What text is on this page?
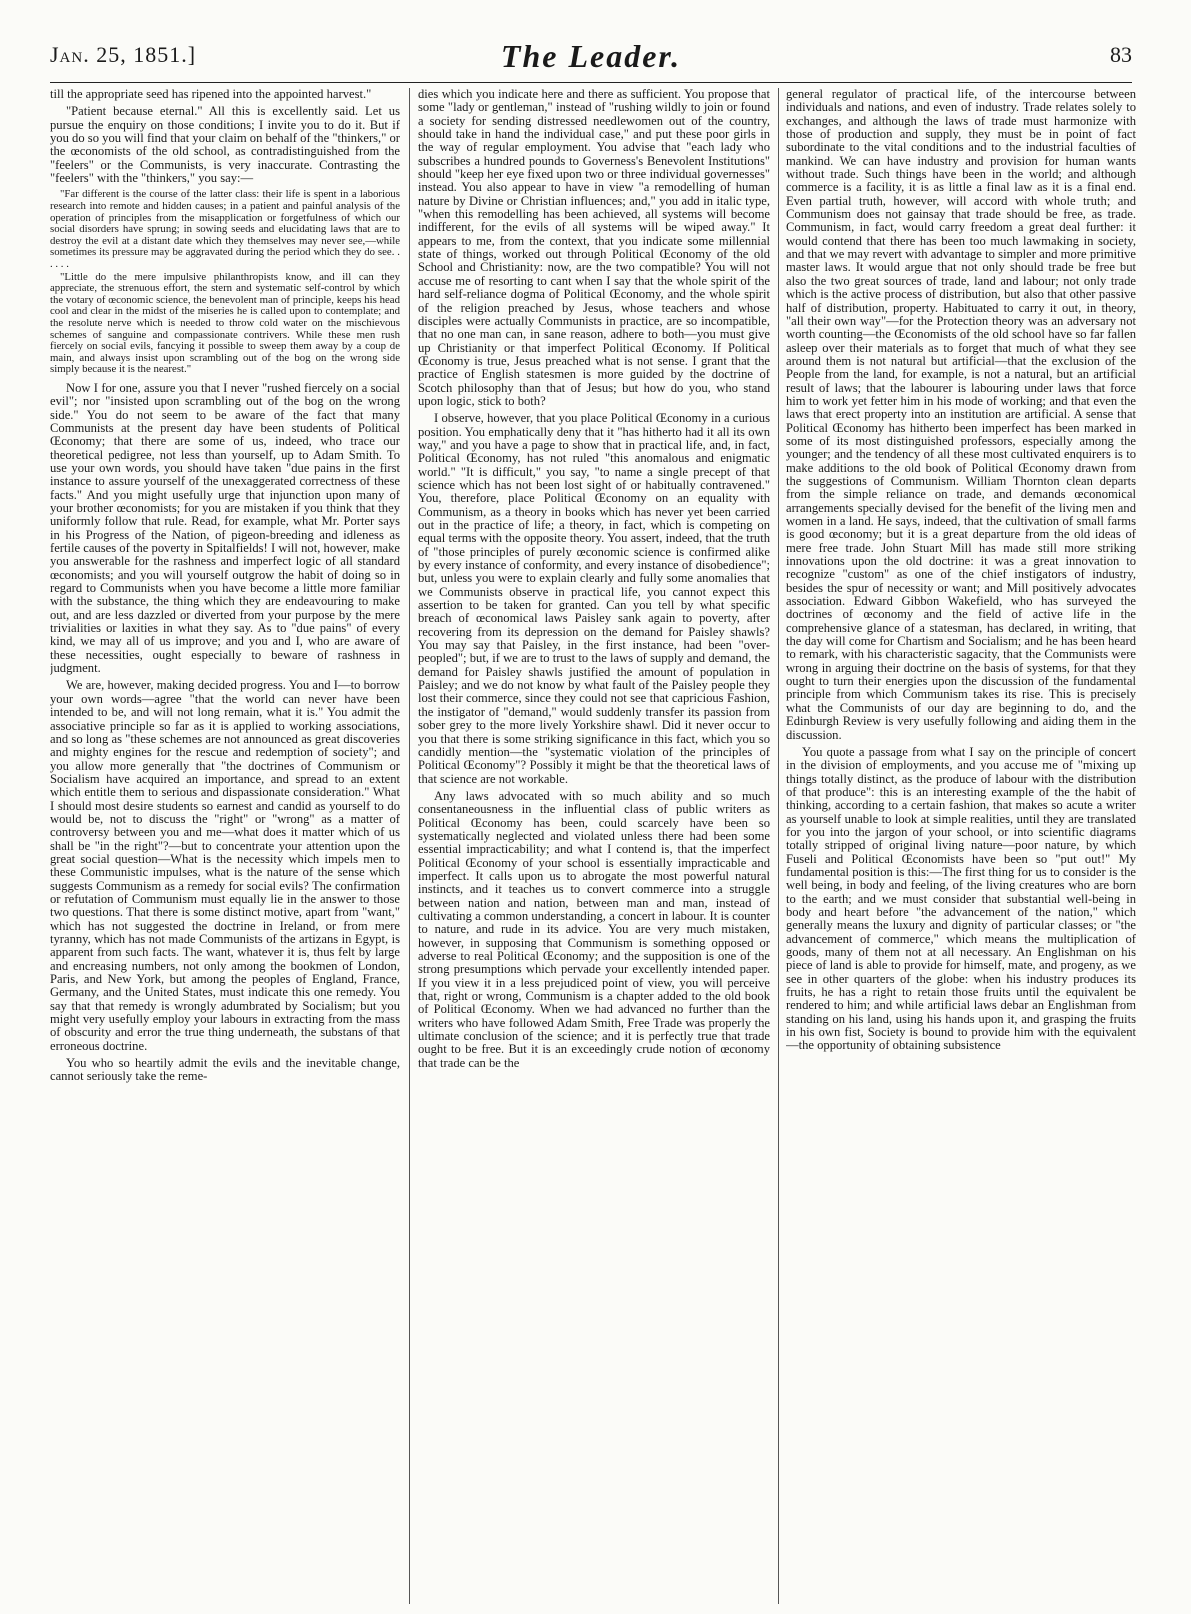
Jan. 25, 1851.]	The Leader.	83

till the appropriate seed has ripened into the appointed harvest."

"Patient because eternal." All this is excellently said. Let us pursue the enquiry on those conditions; I invite you to do it. But if you do so you will find that your claim on behalf of the "thinkers," or the œconomists of the old school, as contradistinguished from the "feelers" or the Communists, is very inaccurate. Contrasting the "feelers" with the "thinkers," you say:—

"Far different is the course of the latter class: their life is spent in a laborious research into remote and hidden causes; in a patient and painful analysis of the operation of principles from the misapplication or forgetfulness of which our social disorders have sprung; in sowing seeds and elucidating laws that are to destroy the evil at a distant date which they themselves may never see,—while sometimes its pressure may be aggravated during the period which they do see. . . . . .

"Little do the mere impulsive philanthropists know, and ill can they appreciate, the strenuous effort, the stern and systematic self-control by which the votary of œconomic science, the benevolent man of principle, keeps his head cool and clear in the midst of the miseries he is called upon to contemplate; and the resolute nerve which is needed to throw cold water on the mischievous schemes of sanguine and compassionate contrivers. While these men rush fiercely on social evils, fancying it possible to sweep them away by a coup de main, and always insist upon scrambling out of the bog on the wrong side simply because it is the nearest."

Now I for one, assure you that I never "rushed fiercely on a social evil"; nor "insisted upon scrambling out of the bog on the wrong side." You do not seem to be aware of the fact that many Communists at the present day have been students of Political Œconomy; that there are some of us, indeed, who trace our theoretical pedigree, not less than yourself, up to Adam Smith. To use your own words, you should have taken "due pains in the first instance to assure yourself of the unexaggerated correctness of these facts." And you might usefully urge that injunction upon many of your brother œconomists; for you are mistaken if you think that they uniformly follow that rule. Read, for example, what Mr. Porter says in his Progress of the Nation, of pigeon-breeding and idleness as fertile causes of the poverty in Spitalfields! I will not, however, make you answerable for the rashness and imperfect logic of all standard œconomists; and you will yourself outgrow the habit of doing so in regard to Communists when you have become a little more familiar with the substance, the thing which they are endeavouring to make out, and are less dazzled or diverted from your purpose by the mere trivialities or laxities in what they say. As to "due pains" of every kind, we may all of us improve; and you and I, who are aware of these necessities, ought especially to beware of rashness in judgment.

We are, however, making decided progress. You and I—to borrow your own words—agree "that the world can never have been intended to be, and will not long remain, what it is." You admit the associative principle so far as it is applied to working associations, and so long as "these schemes are not announced as great discoveries and mighty engines for the rescue and redemption of society"; and you allow more generally that "the doctrines of Communism or Socialism have acquired an importance, and spread to an extent which entitle them to serious and dispassionate consideration." What I should most desire students so earnest and candid as yourself to do would be, not to discuss the "right" or "wrong" as a matter of controversy between you and me—what does it matter which of us shall be "in the right"?—but to concentrate your attention upon the great social question—What is the necessity which impels men to these Communistic impulses, what is the nature of the sense which suggests Communism as a remedy for social evils? The confirmation or refutation of Communism must equally lie in the answer to those two questions. That there is some distinct motive, apart from "want," which has not suggested the doctrine in Ireland, or from mere tyranny, which has not made Communists of the artizans in Egypt, is apparent from such facts. The want, whatever it is, thus felt by large and encreasing numbers, not only among the bookmen of London, Paris, and New York, but among the peoples of England, France, Germany, and the United States, must indicate this one remedy. You say that that remedy is wrongly adumbrated by Socialism; but you might very usefully employ your labours in extracting from the mass of obscurity and error the true thing underneath, the substans of that erroneous doctrine.

You who so heartily admit the evils and the inevitable change, cannot seriously take the reme-

dies which you indicate here and there as sufficient. You propose that some "lady or gentleman," instead of "rushing wildly to join or found a society for sending distressed needlewomen out of the country, should take in hand the individual case," and put these poor girls in the way of regular employment. You advise that "each lady who subscribes a hundred pounds to Governess's Benevolent Institutions" should "keep her eye fixed upon two or three individual governesses" instead. You also appear to have in view "a remodelling of human nature by Divine or Christian influences; and," you add in italic type, "when this remodelling has been achieved, all systems will become indifferent, for the evils of all systems will be wiped away." It appears to me, from the context, that you indicate some millennial state of things, worked out through Political Œconomy of the old School and Christianity: now, are the two compatible? You will not accuse me of resorting to cant when I say that the whole spirit of the hard self-reliance dogma of Political Œconomy, and the whole spirit of the religion preached by Jesus, whose teachers and whose disciples were actually Communists in practice, are so incompatible, that no one man can, in sane reason, adhere to both—you must give up Christianity or that imperfect Political Œconomy. If Political Œconomy is true, Jesus preached what is not sense. I grant that the practice of English statesmen is more guided by the doctrine of Scotch philosophy than that of Jesus; but how do you, who stand upon logic, stick to both?

I observe, however, that you place Political Œconomy in a curious position. You emphatically deny that it "has hitherto had it all its own way," and you have a page to show that in practical life, and, in fact, Political Œconomy, has not ruled "this anomalous and enigmatic world." "It is difficult," you say, "to name a single precept of that science which has not been lost sight of or habitually contravened." You, therefore, place Political Œconomy on an equality with Communism, as a theory in books which has never yet been carried out in the practice of life; a theory, in fact, which is competing on equal terms with the opposite theory. You assert, indeed, that the truth of "those principles of purely œconomic science is confirmed alike by every instance of conformity, and every instance of disobedience"; but, unless you were to explain clearly and fully some anomalies that we Communists observe in practical life, you cannot expect this assertion to be taken for granted. Can you tell by what specific breach of œconomical laws Paisley sank again to poverty, after recovering from its depression on the demand for Paisley shawls? You may say that Paisley, in the first instance, had been "over-peopled"; but, if we are to trust to the laws of supply and demand, the demand for Paisley shawls justified the amount of population in Paisley; and we do not know by what fault of the Paisley people they lost their commerce, since they could not see that capricious Fashion, the instigator of "demand," would suddenly transfer its passion from sober grey to the more lively Yorkshire shawl. Did it never occur to you that there is some striking significance in this fact, which you so candidly mention—the "systematic violation of the principles of Political Œconomy"? Possibly it might be that the theoretical laws of that science are not workable.

Any laws advocated with so much ability and so much consentaneousness in the influential class of public writers as Political Œconomy has been, could scarcely have been so systematically neglected and violated unless there had been some essential impracticability; and what I contend is, that the imperfect Political Œconomy of your school is essentially impracticable and imperfect. It calls upon us to abrogate the most powerful natural instincts, and it teaches us to convert commerce into a struggle between nation and nation, between man and man, instead of cultivating a common understanding, a concert in labour. It is counter to nature, and rude in its advice. You are very much mistaken, however, in supposing that Communism is something opposed or adverse to real Political Œconomy; and the supposition is one of the strong presumptions which pervade your excellently intended paper. If you view it in a less prejudiced point of view, you will perceive that, right or wrong, Communism is a chapter added to the old book of Political Œconomy. When we had advanced no further than the writers who have followed Adam Smith, Free Trade was properly the ultimate conclusion of the science; and it is perfectly true that trade ought to be free. But it is an exceedingly crude notion of œconomy that trade can be the

general regulator of practical life, of the intercourse between individuals and nations, and even of industry. Trade relates solely to exchanges, and although the laws of trade must harmonize with those of production and supply, they must be in point of fact subordinate to the vital conditions and to the industrial faculties of mankind. We can have industry and provision for human wants without trade. Such things have been in the world; and although commerce is a facility, it is as little a final law as it is a final end. Even partial truth, however, will accord with whole truth; and Communism does not gainsay that trade should be free, as trade. Communism, in fact, would carry freedom a great deal further: it would contend that there has been too much lawmaking in society, and that we may revert with advantage to simpler and more primitive master laws. It would argue that not only should trade be free but also the two great sources of trade, land and labour; not only trade which is the active process of distribution, but also that other passive half of distribution, property. Habituated to carry it out, in theory, "all their own way"—for the Protection theory was an adversary not worth counting—the Œconomists of the old school have so far fallen asleep over their materials as to forget that much of what they see around them is not natural but artificial—that the exclusion of the People from the land, for example, is not a natural, but an artificial result of laws; that the labourer is labouring under laws that force him to work yet fetter him in his mode of working; and that even the laws that erect property into an institution are artificial. A sense that Political Œconomy has hitherto been imperfect has been marked in some of its most distinguished professors, especially among the younger; and the tendency of all these most cultivated enquirers is to make additions to the old book of Political Œconomy drawn from the suggestions of Communism. William Thornton clean departs from the simple reliance on trade, and demands œconomical arrangements specially devised for the benefit of the living men and women in a land. He says, indeed, that the cultivation of small farms is good œconomy; but it is a great departure from the old ideas of mere free trade. John Stuart Mill has made still more striking innovations upon the old doctrine: it was a great innovation to recognize "custom" as one of the chief instigators of industry, besides the spur of necessity or want; and Mill positively advocates association. Edward Gibbon Wakefield, who has surveyed the doctrines of œconomy and the field of active life in the comprehensive glance of a statesman, has declared, in writing, that the day will come for Chartism and Socialism; and he has been heard to remark, with his characteristic sagacity, that the Communists were wrong in arguing their doctrine on the basis of systems, for that they ought to turn their energies upon the discussion of the fundamental principle from which Communism takes its rise. This is precisely what the Communists of our day are beginning to do, and the Edinburgh Review is very usefully following and aiding them in the discussion.

You quote a passage from what I say on the principle of concert in the division of employments, and you accuse me of "mixing up things totally distinct, as the produce of labour with the distribution of that produce": this is an interesting example of the the habit of thinking, according to a certain fashion, that makes so acute a writer as yourself unable to look at simple realities, until they are translated for you into the jargon of your school, or into scientific diagrams totally stripped of original living nature—poor nature, by which Fuseli and Political Œconomists have been so "put out!" My fundamental position is this:—The first thing for us to consider is the well being, in body and feeling, of the living creatures who are born to the earth; and we must consider that substantial well-being in body and heart before "the advancement of the nation," which generally means the luxury and dignity of particular classes; or "the advancement of commerce," which means the multiplication of goods, many of them not at all necessary. An Englishman on his piece of land is able to provide for himself, mate, and progeny, as we see in other quarters of the globe: when his industry produces its fruits, he has a right to retain those fruits until the equivalent be rendered to him; and while artificial laws debar an Englishman from standing on his land, using his hands upon it, and grasping the fruits in his own fist, Society is bound to provide him with the equivalent—the opportunity of obtaining subsistence
